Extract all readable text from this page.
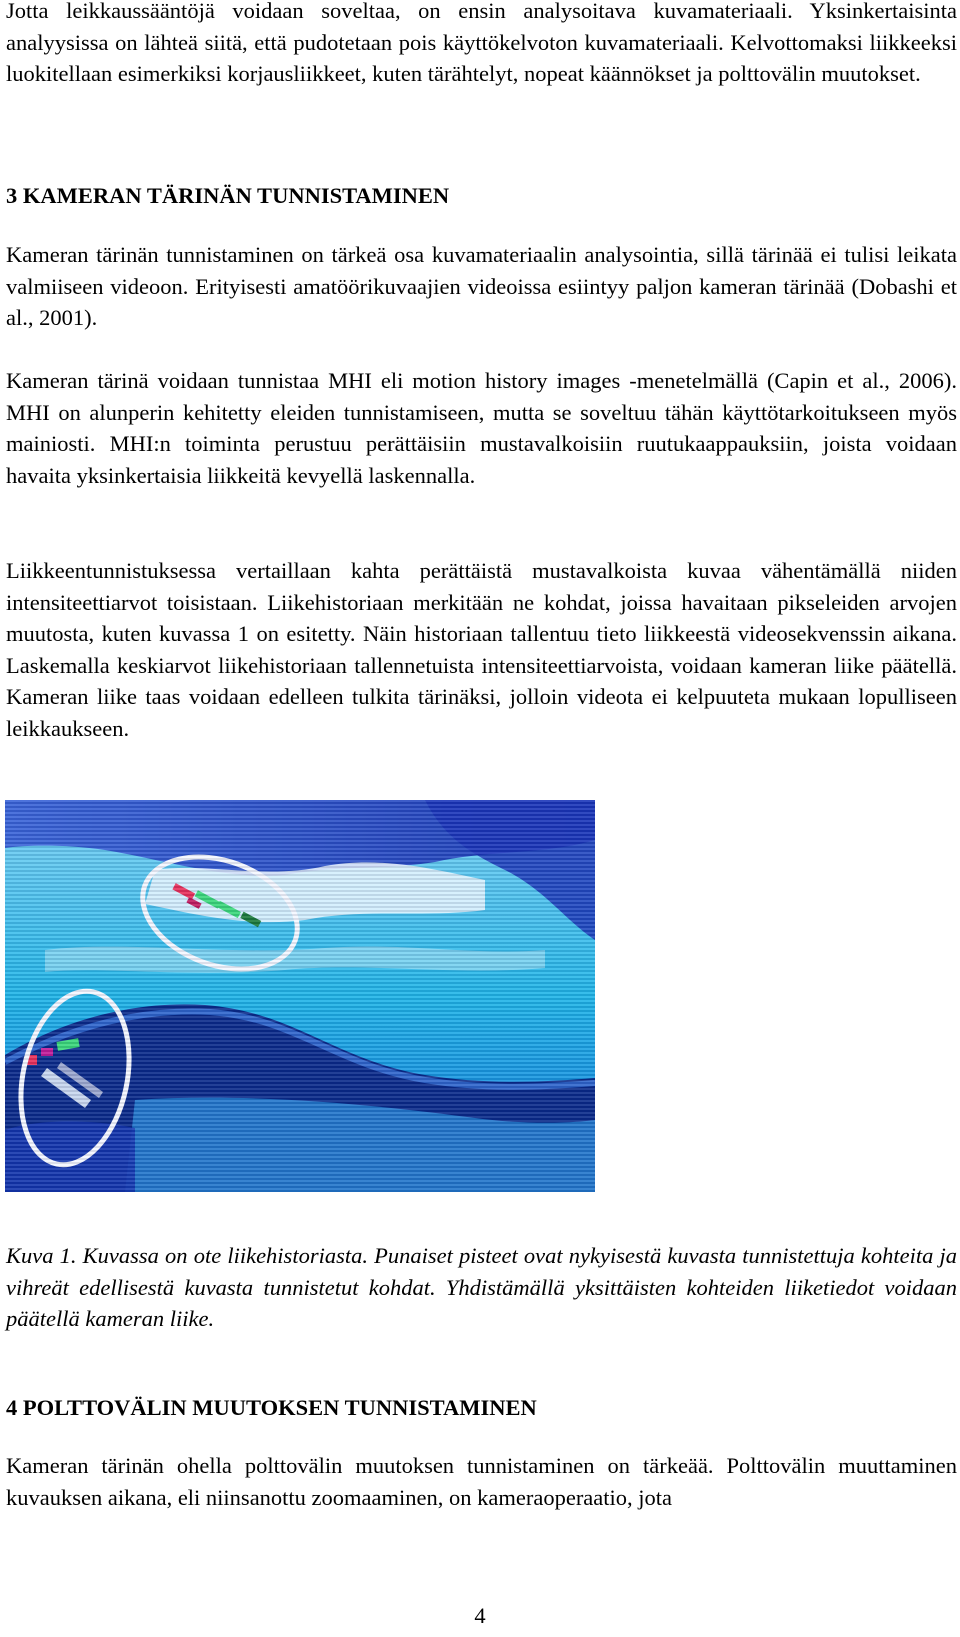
Jotta leikkaussääntöjä voidaan soveltaa, on ensin analysoitava kuvamateriaali. Yksinkertaisinta analyysissa on lähteä siitä, että pudotetaan pois käyttökelvoton kuvamateriaali. Kelvottomaksi liikkeeksi luokitellaan esimerkiksi korjausliikkeet, kuten tärähtelyt, nopeat käännökset ja polttovälin muutokset.

3 KAMERAN TÄRINÄN TUNNISTAMINEN

Kameran tärinän tunnistaminen on tärkeä osa kuvamateriaalin analysointia, sillä tärinää ei tulisi leikata valmiiseen videoon. Erityisesti amatöörikuvaajien videoissa esiintyy paljon kameran tärinää (Dobashi et al., 2001).

Kameran tärinä voidaan tunnistaa MHI eli motion history images -menetelmällä (Capin et al., 2006). MHI on alunperin kehitetty eleiden tunnistamiseen, mutta se soveltuu tähän käyttötarkoitukseen myös mainiosti. MHI:n toiminta perustuu perättäisiin mustavalkoisiin ruutukaappauksiin, joista voidaan havaita yksinkertaisia liikkeitä kevyellä laskennalla.

Liikkeentunnistuksessa vertaillaan kahta perättäistä mustavalkoista kuvaa vähentämällä niiden intensiteettiarvot toisistaan. Liikehistoriaan merkitään ne kohdat, joissa havaitaan pikseleiden arvojen muutosta, kuten kuvassa 1 on esitetty. Näin historiaan tallentuu tieto liikkeestä videosekvenssin aikana. Laskemalla keskiarvot liikehistoriaan tallennetuista intensiteettiarvoista, voidaan kameran liike päätellä. Kameran liike taas voidaan edelleen tulkita tärinäksi, jolloin videota ei kelpuuteta mukaan lopulliseen leikkaukseen.

Kuva 1. Kuvassa on ote liikehistoriasta. Punaiset pisteet ovat nykyisestä kuvasta tunnistettuja kohteita ja vihreät edellisestä kuvasta tunnistetut kohdat. Yhdistämällä yksittäisten kohteiden liiketiedot voidaan päätellä kameran liike.

4 POLTTOVÄLIN MUUTOKSEN TUNNISTAMINEN

Kameran tärinän ohella polttovälin muutoksen tunnistaminen on tärkeää. Polttovälin muuttaminen kuvauksen aikana, eli niinsanottu zoomaaminen, on kameraoperaatio, jota

4
